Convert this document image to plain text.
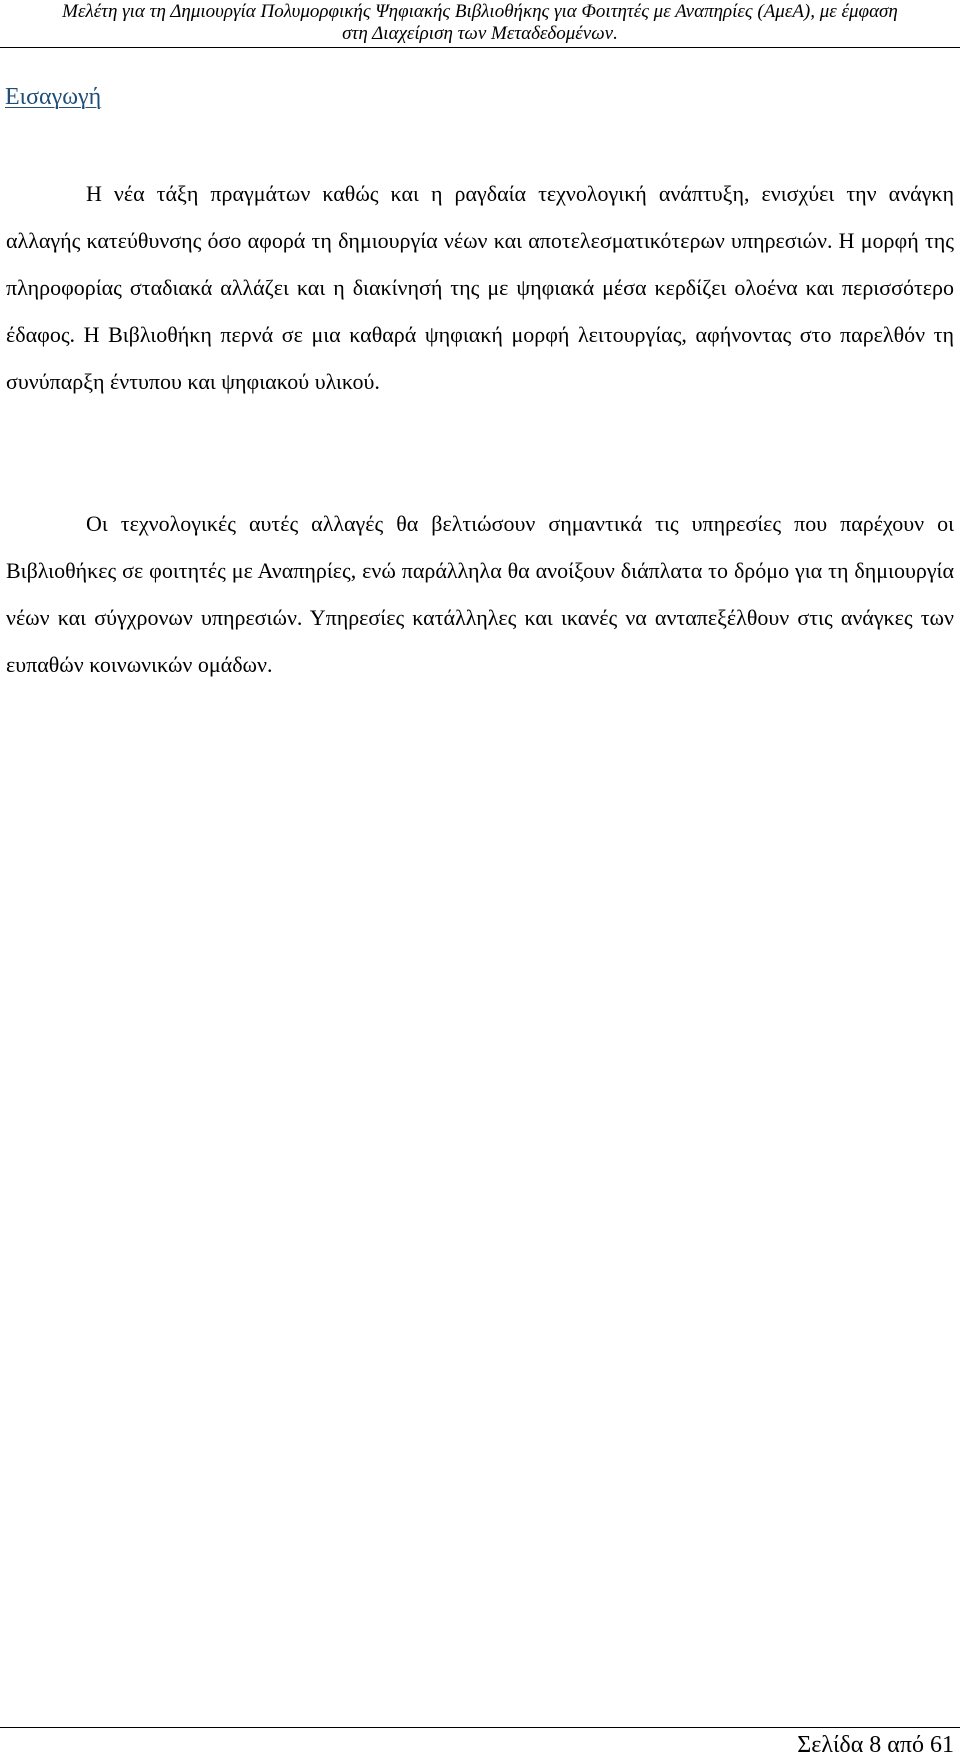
Μελέτη για τη Δημιουργία Πολυμορφικής Ψηφιακής Βιβλιοθήκης για Φοιτητές με Αναπηρίες (ΑμεΑ), με έμφαση
στη Διαχείριση των Μεταδεδομένων.
Εισαγωγή

Η νέα τάξη πραγμάτων καθώς και η ραγδαία τεχνολογική ανάπτυξη, ενισχύει την ανάγκη αλλαγής κατεύθυνσης όσο αφορά τη δημιουργία νέων και αποτελεσματικότερων υπηρεσιών. Η μορφή της πληροφορίας σταδιακά αλλάζει και η διακίνησή της με ψηφιακά μέσα κερδίζει ολοένα και περισσότερο έδαφος. Η Βιβλιοθήκη περνά σε μια καθαρά ψηφιακή μορφή λειτουργίας, αφήνοντας στο παρελθόν τη συνύπαρξη έντυπου και ψηφιακού υλικού.

Οι τεχνολογικές αυτές αλλαγές θα βελτιώσουν σημαντικά τις υπηρεσίες που παρέχουν οι Βιβλιοθήκες σε φοιτητές με Αναπηρίες, ενώ παράλληλα θα ανοίξουν διάπλατα το δρόμο για τη δημιουργία νέων και σύγχρονων υπηρεσιών. Υπηρεσίες κατάλληλες και ικανές να ανταπεξέλθουν στις ανάγκες των ευπαθών κοινωνικών ομάδων.

Σελίδα 8 από 61
